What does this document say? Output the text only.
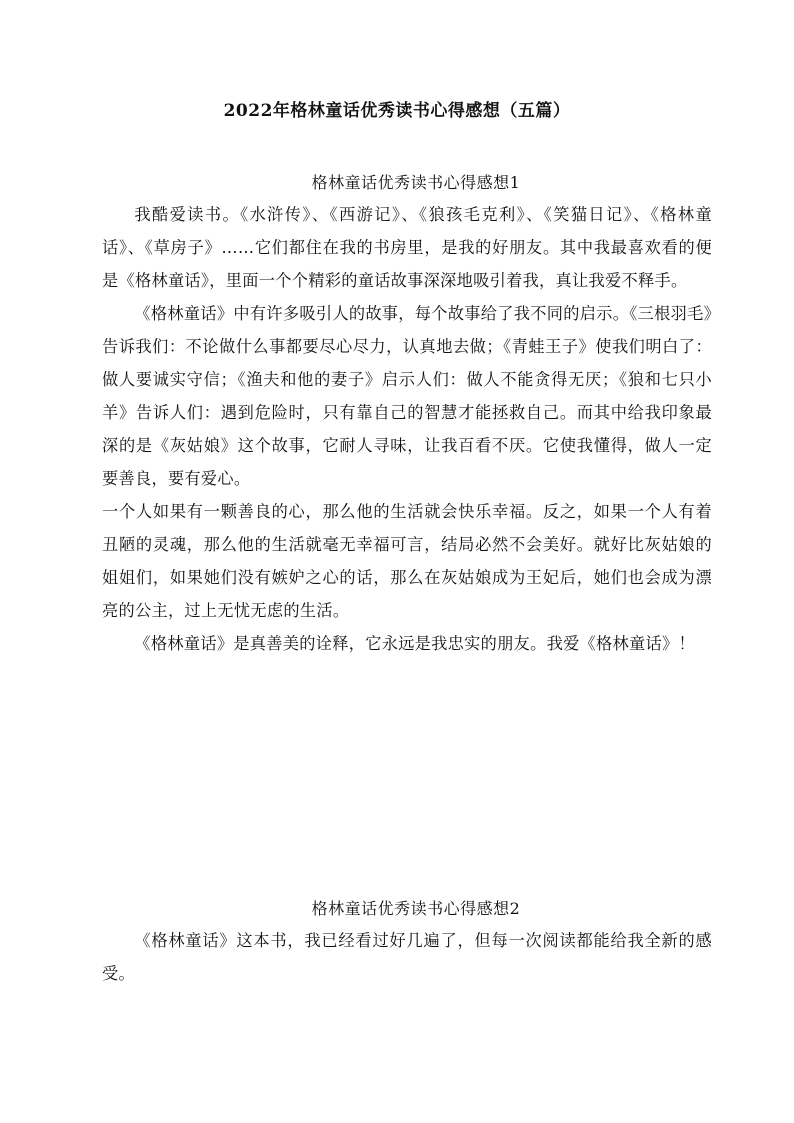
2022年格林童话优秀读书心得感想（五篇）
格林童话优秀读书心得感想1

我酷爱读书。《水浒传》、《西游记》、《狼孩毛克利》、《笑猫日记》、《格林童话》、《草房子》……它们都住在我的书房里，是我的好朋友。其中我最喜欢看的便是《格林童话》，里面一个个精彩的童话故事深深地吸引着我，真让我爱不释手。

《格林童话》中有许多吸引人的故事，每个故事给了我不同的启示。《三根羽毛》告诉我们：不论做什么事都要尽心尽力，认真地去做；《青蛙王子》使我们明白了：做人要诚实守信；《渔夫和他的妻子》启示人们：做人不能贪得无厌；《狼和七只小羊》告诉人们：遇到危险时，只有靠自己的智慧才能拯救自己。而其中给我印象最深的是《灰姑娘》这个故事，它耐人寻味，让我百看不厌。它使我懂得，做人一定要善良，要有爱心。

一个人如果有一颗善良的心，那么他的生活就会快乐幸福。反之，如果一个人有着丑陋的灵魂，那么他的生活就毫无幸福可言，结局必然不会美好。就好比灰姑娘的姐姐们，如果她们没有嫉妒之心的话，那么在灰姑娘成为王妃后，她们也会成为漂亮的公主，过上无忧无虑的生活。

《格林童话》是真善美的诠释，它永远是我忠实的朋友。我爱《格林童话》！

格林童话优秀读书心得感想2

《格林童话》这本书，我已经看过好几遍了，但每一次阅读都能给我全新的感受。
